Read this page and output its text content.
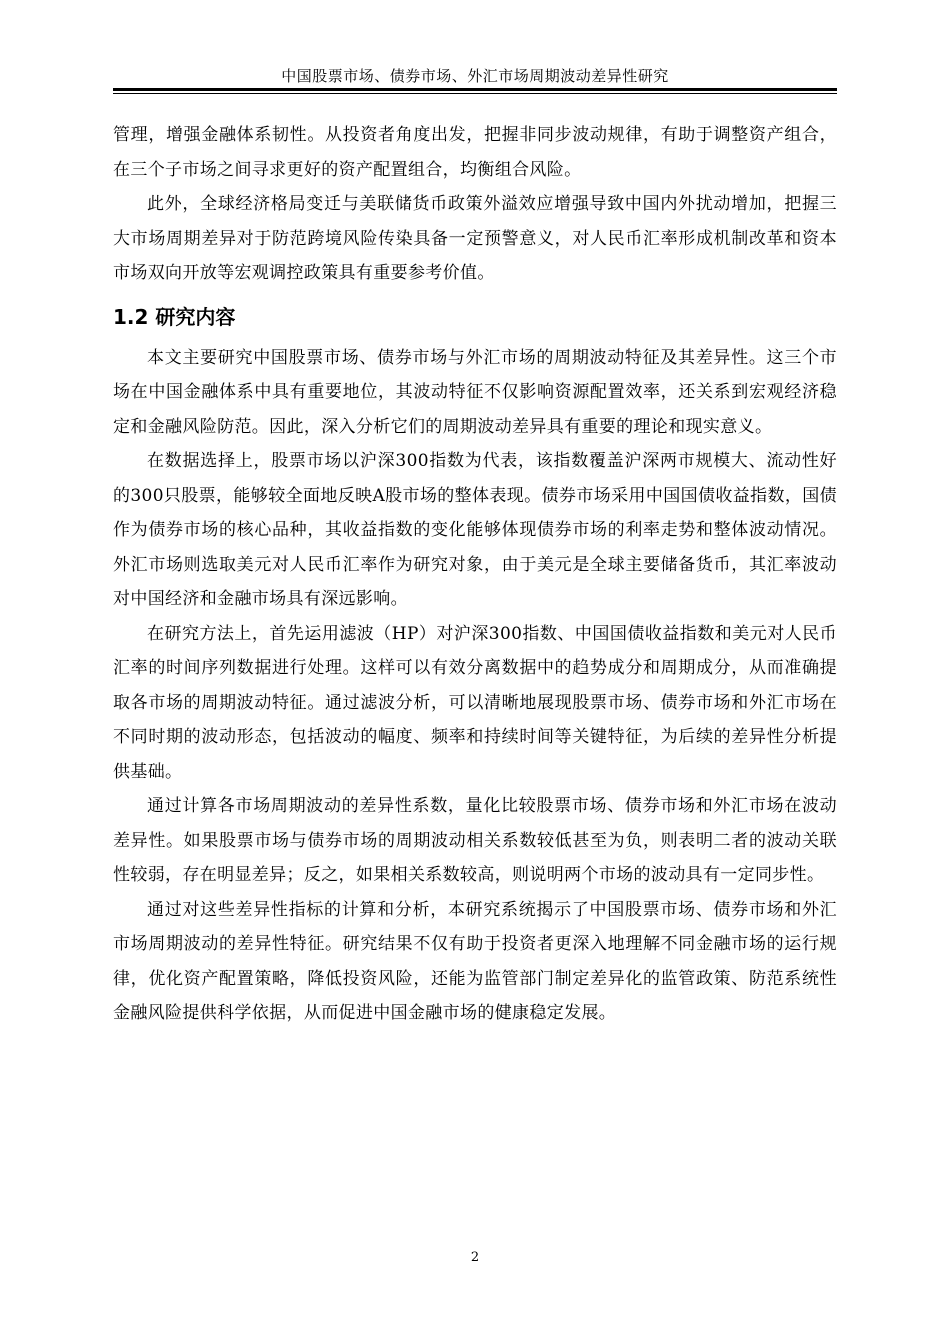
中国股票市场、债券市场、外汇市场周期波动差异性研究

管理，增强金融体系韧性。从投资者角度出发，把握非同步波动规律，有助于调整资产组合，在三个子市场之间寻求更好的资产配置组合，均衡组合风险。

此外，全球经济格局变迁与美联储货币政策外溢效应增强导致中国内外扰动增加，把握三大市场周期差异对于防范跨境风险传染具备一定预警意义，对人民币汇率形成机制改革和资本市场双向开放等宏观调控政策具有重要参考价值。

1.2 研究内容

本文主要研究中国股票市场、债券市场与外汇市场的周期波动特征及其差异性。这三个市场在中国金融体系中具有重要地位，其波动特征不仅影响资源配置效率，还关系到宏观经济稳定和金融风险防范。因此，深入分析它们的周期波动差异具有重要的理论和现实意义。

在数据选择上，股票市场以沪深300指数为代表，该指数覆盖沪深两市规模大、流动性好的300只股票，能够较全面地反映A股市场的整体表现。债券市场采用中国国债收益指数，国债作为债券市场的核心品种，其收益指数的变化能够体现债券市场的利率走势和整体波动情况。外汇市场则选取美元对人民币汇率作为研究对象，由于美元是全球主要储备货币，其汇率波动对中国经济和金融市场具有深远影响。

在研究方法上，首先运用滤波（HP）对沪深300指数、中国国债收益指数和美元对人民币汇率的时间序列数据进行处理。这样可以有效分离数据中的趋势成分和周期成分，从而准确提取各市场的周期波动特征。通过滤波分析，可以清晰地展现股票市场、债券市场和外汇市场在不同时期的波动形态，包括波动的幅度、频率和持续时间等关键特征，为后续的差异性分析提供基础。

通过计算各市场周期波动的差异性系数，量化比较股票市场、债券市场和外汇市场在波动差异性。如果股票市场与债券市场的周期波动相关系数较低甚至为负，则表明二者的波动关联性较弱，存在明显差异；反之，如果相关系数较高，则说明两个市场的波动具有一定同步性。

通过对这些差异性指标的计算和分析，本研究系统揭示了中国股票市场、债券市场和外汇市场周期波动的差异性特征。研究结果不仅有助于投资者更深入地理解不同金融市场的运行规律，优化资产配置策略，降低投资风险，还能为监管部门制定差异化的监管政策、防范系统性金融风险提供科学依据，从而促进中国金融市场的健康稳定发展。

2
